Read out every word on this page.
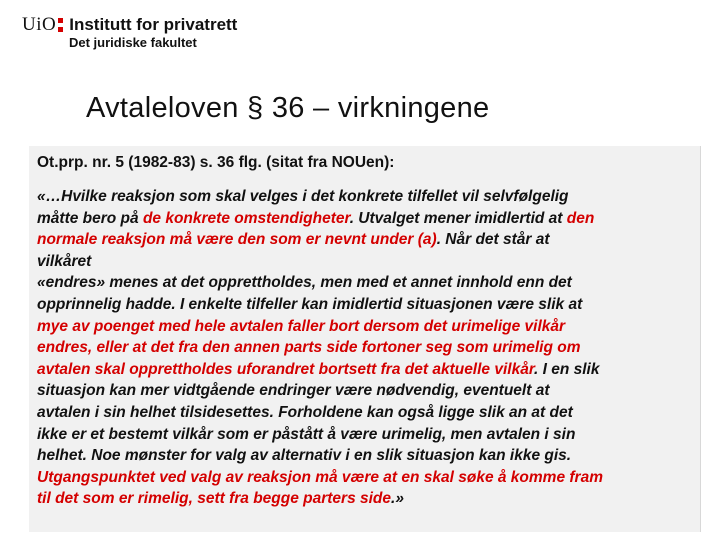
UiO Institutt for privatrett
Det juridiske fakultet
Avtaleloven § 36 – virkningene

Ot.prp. nr. 5 (1982-83) s. 36 flg. (sitat fra NOUen):

«…Hvilke reaksjon som skal velges i det konkrete tilfellet vil selvfølgelig
måtte bero på de konkrete omstendigheter. Utvalget mener imidlertid at den
normale reaksjon må være den som er nevnt under (a). Når det står at
vilkåret
«endres» menes at det opprettholdes, men med et annet innhold enn det
opprinnelig hadde. I enkelte tilfeller kan imidlertid situasjonen være slik at
mye av poenget med hele avtalen faller bort dersom det urimelige vilkår
endres, eller at det fra den annen parts side fortoner seg som urimelig om
avtalen skal opprettholdes uforandret bortsett fra det aktuelle vilkår. I en slik
situasjon kan mer vidtgående endringer være nødvendig, eventuelt at
avtalen i sin helhet tilsidesettes. Forholdene kan også ligge slik an at det
ikke er et bestemt vilkår som er påstått å være urimelig, men avtalen i sin
helhet. Noe mønster for valg av alternativ i en slik situasjon kan ikke gis.
Utgangspunktet ved valg av reaksjon må være at en skal søke å komme fram
til det som er rimelig, sett fra begge parters side.»
